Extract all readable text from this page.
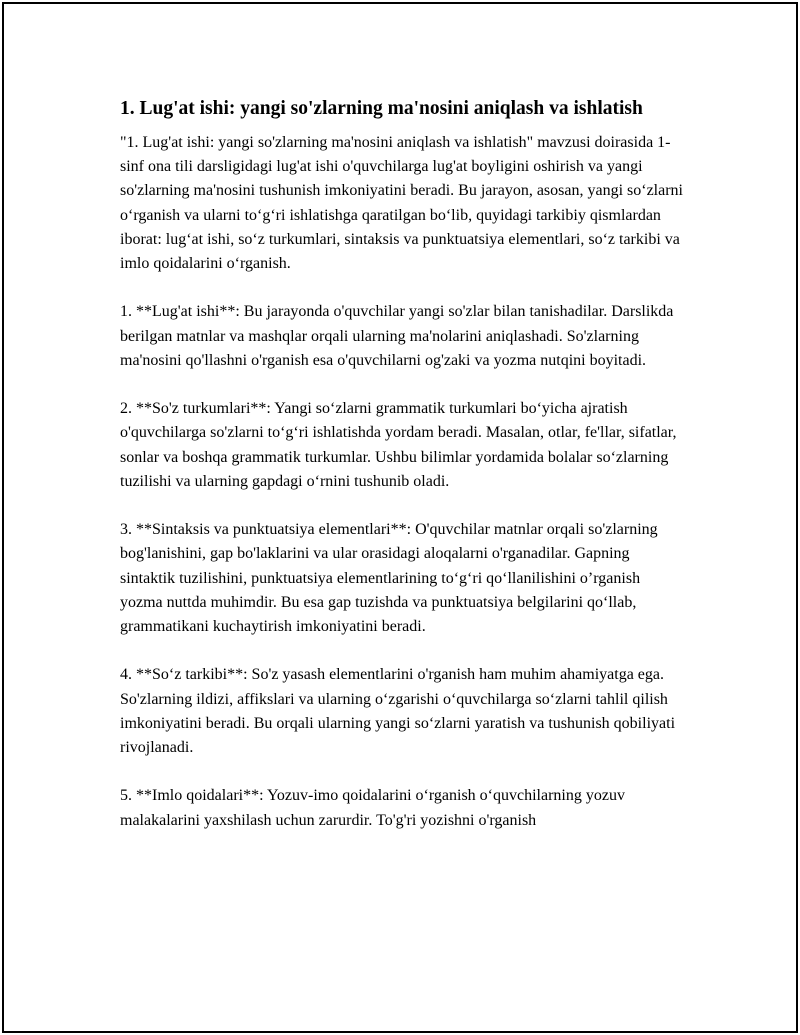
1. Lug'at ishi: yangi so'zlarning ma'nosini aniqlash va ishlatish

"1. Lug'at ishi: yangi so'zlarning ma'nosini aniqlash va ishlatish" mavzusi doirasida 1-sinf ona tili darsligidagi lug'at ishi o'quvchilarga lug'at boyligini oshirish va yangi so'zlarning ma'nosini tushunish imkoniyatini beradi. Bu jarayon, asosan, yangi so‘zlarni o‘rganish va ularni to‘g‘ri ishlatishga qaratilgan bo‘lib, quyidagi tarkibiy qismlardan iborat: lug‘at ishi, so‘z turkumlari, sintaksis va punktuatsiya elementlari, so‘z tarkibi va imlo qoidalarini o‘rganish.

1. **Lug'at ishi**: Bu jarayonda o'quvchilar yangi so'zlar bilan tanishadilar. Darslikda berilgan matnlar va mashqlar orqali ularning ma'nolarini aniqlashadi. So'zlarning ma'nosini qo'llashni o'rganish esa o'quvchilarni og'zaki va yozma nutqini boyitadi.

2. **So'z turkumlari**: Yangi so‘zlarni grammatik turkumlari bo‘yicha ajratish o'quvchilarga so'zlarni to‘g‘ri ishlatishda yordam beradi. Masalan, otlar, fe'llar, sifatlar, sonlar va boshqa grammatik turkumlar. Ushbu bilimlar yordamida bolalar so‘zlarning tuzilishi va ularning gapdagi o‘rnini tushunib oladi.

3. **Sintaksis va punktuatsiya elementlari**: O'quvchilar matnlar orqali so'zlarning bog'lanishini, gap bo'laklarini va ular orasidagi aloqalarni o'rganadilar. Gapning sintaktik tuzilishini, punktuatsiya elementlarining to‘g‘ri qo‘llanilishini o’rganish yozma nuttda muhimdir. Bu esa gap tuzishda va punktuatsiya belgilarini qo‘llab, grammatikani kuchaytirish imkoniyatini beradi.

4. **So‘z tarkibi**: So'z yasash elementlarini o'rganish ham muhim ahamiyatga ega. So'zlarning ildizi, affikslari va ularning o‘zgarishi o‘quvchilarga so‘zlarni tahlil qilish imkoniyatini beradi. Bu orqali ularning yangi so‘zlarni yaratish va tushunish qobiliyati rivojlanadi.

5. **Imlo qoidalari**: Yozuv-imo qoidalarini o‘rganish o‘quvchilarning yozuv malakalarini yaxshilash uchun zarurdir. To'g'ri yozishni o'rganish
